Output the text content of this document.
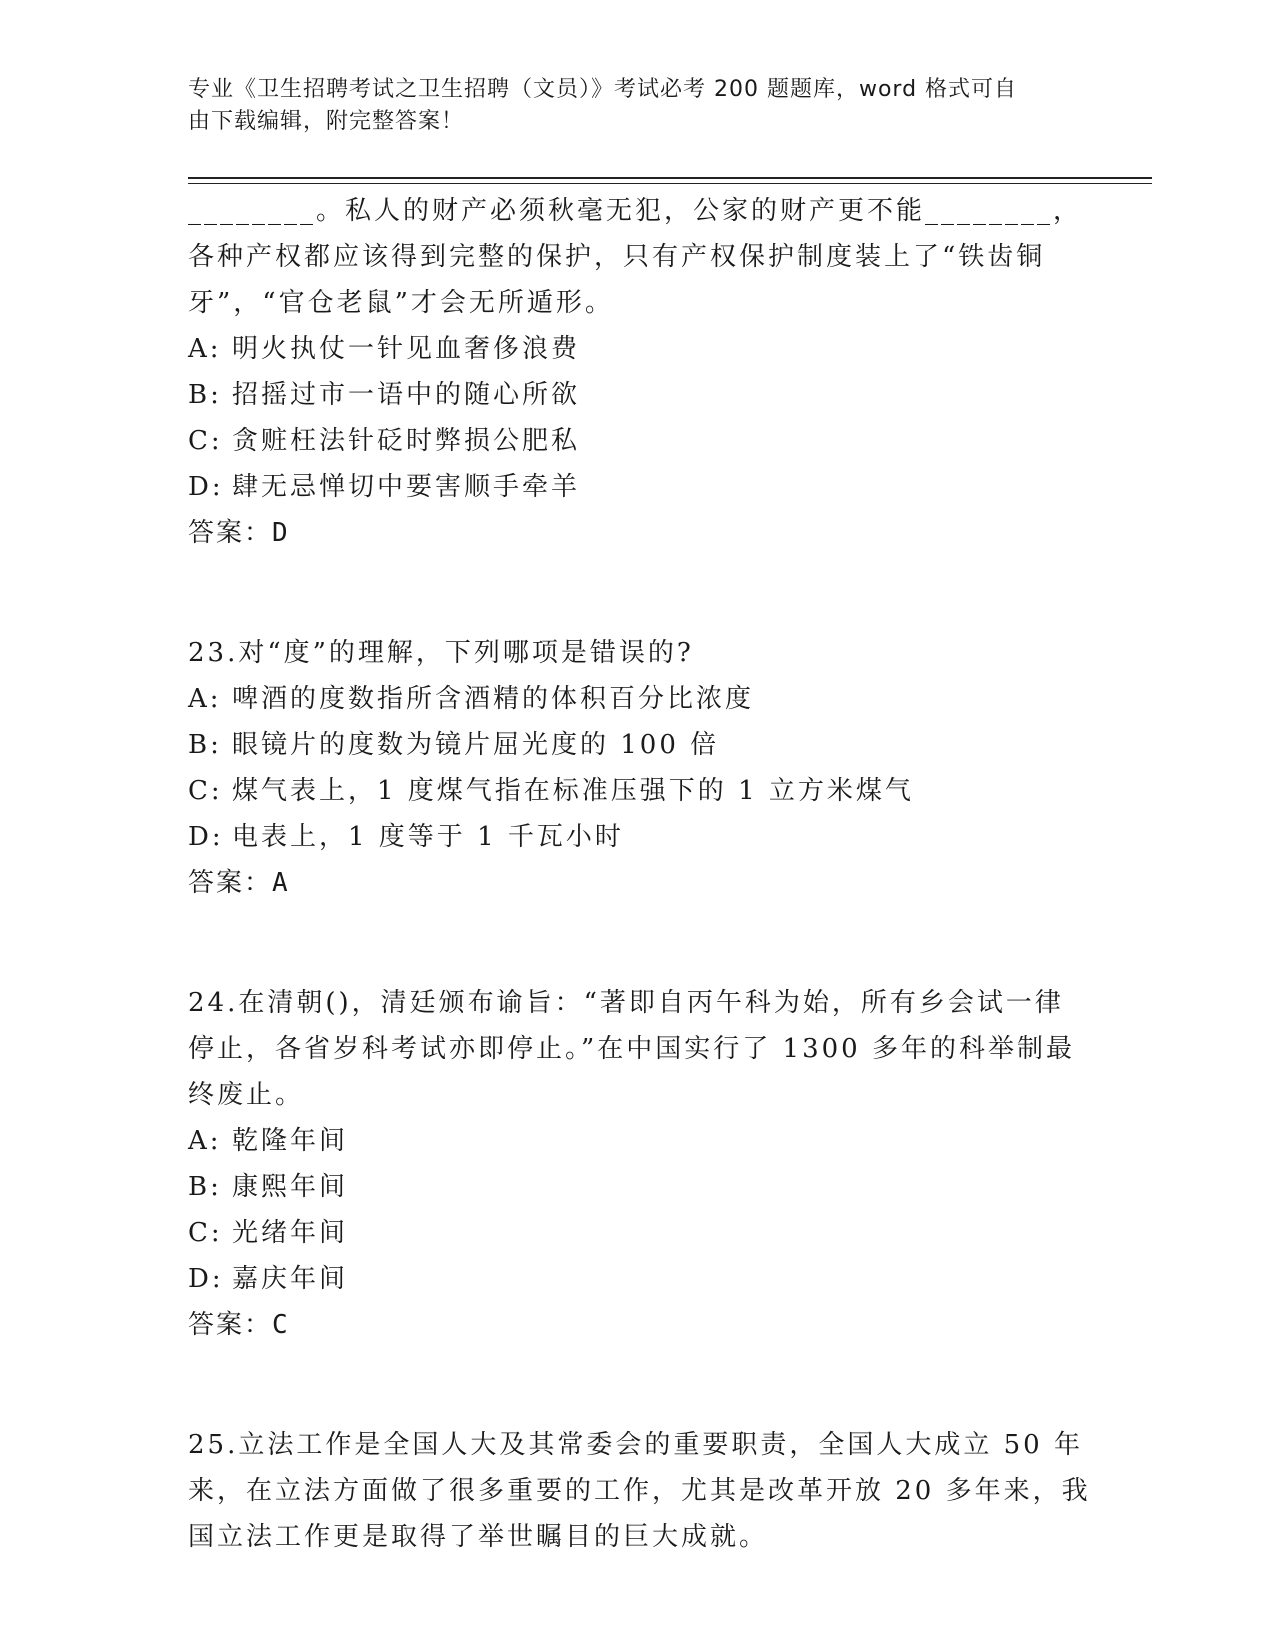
专业《卫生招聘考试之卫生招聘（文员）》考试必考 200 题题库，word 格式可自
由下载编辑，附完整答案！
________。私人的财产必须秋毫无犯，公家的财产更不能________，
各种产权都应该得到完整的保护，只有产权保护制度装上了“铁齿铜
牙”，“官仓老鼠”才会无所遁形。
A: 明火执仗一针见血奢侈浪费
B: 招摇过市一语中的随心所欲
C: 贪赃枉法针砭时弊损公肥私
D: 肆无忌惮切中要害顺手牵羊
答案：D
23.对“度”的理解，下列哪项是错误的?
A: 啤酒的度数指所含酒精的体积百分比浓度
B: 眼镜片的度数为镜片屈光度的 100 倍
C: 煤气表上，1 度煤气指在标准压强下的 1 立方米煤气
D: 电表上，1 度等于 1 千瓦小时
答案：A
24.在清朝()，清廷颁布谕旨：“著即自丙午科为始，所有乡会试一律
停止，各省岁科考试亦即停止。”在中国实行了 1300 多年的科举制最
终废止。
A: 乾隆年间
B: 康熙年间
C: 光绪年间
D: 嘉庆年间
答案：C
25.立法工作是全国人大及其常委会的重要职责，全国人大成立 50 年
来，在立法方面做了很多重要的工作，尤其是改革开放 20 多年来，我
国立法工作更是取得了举世瞩目的巨大成就。
